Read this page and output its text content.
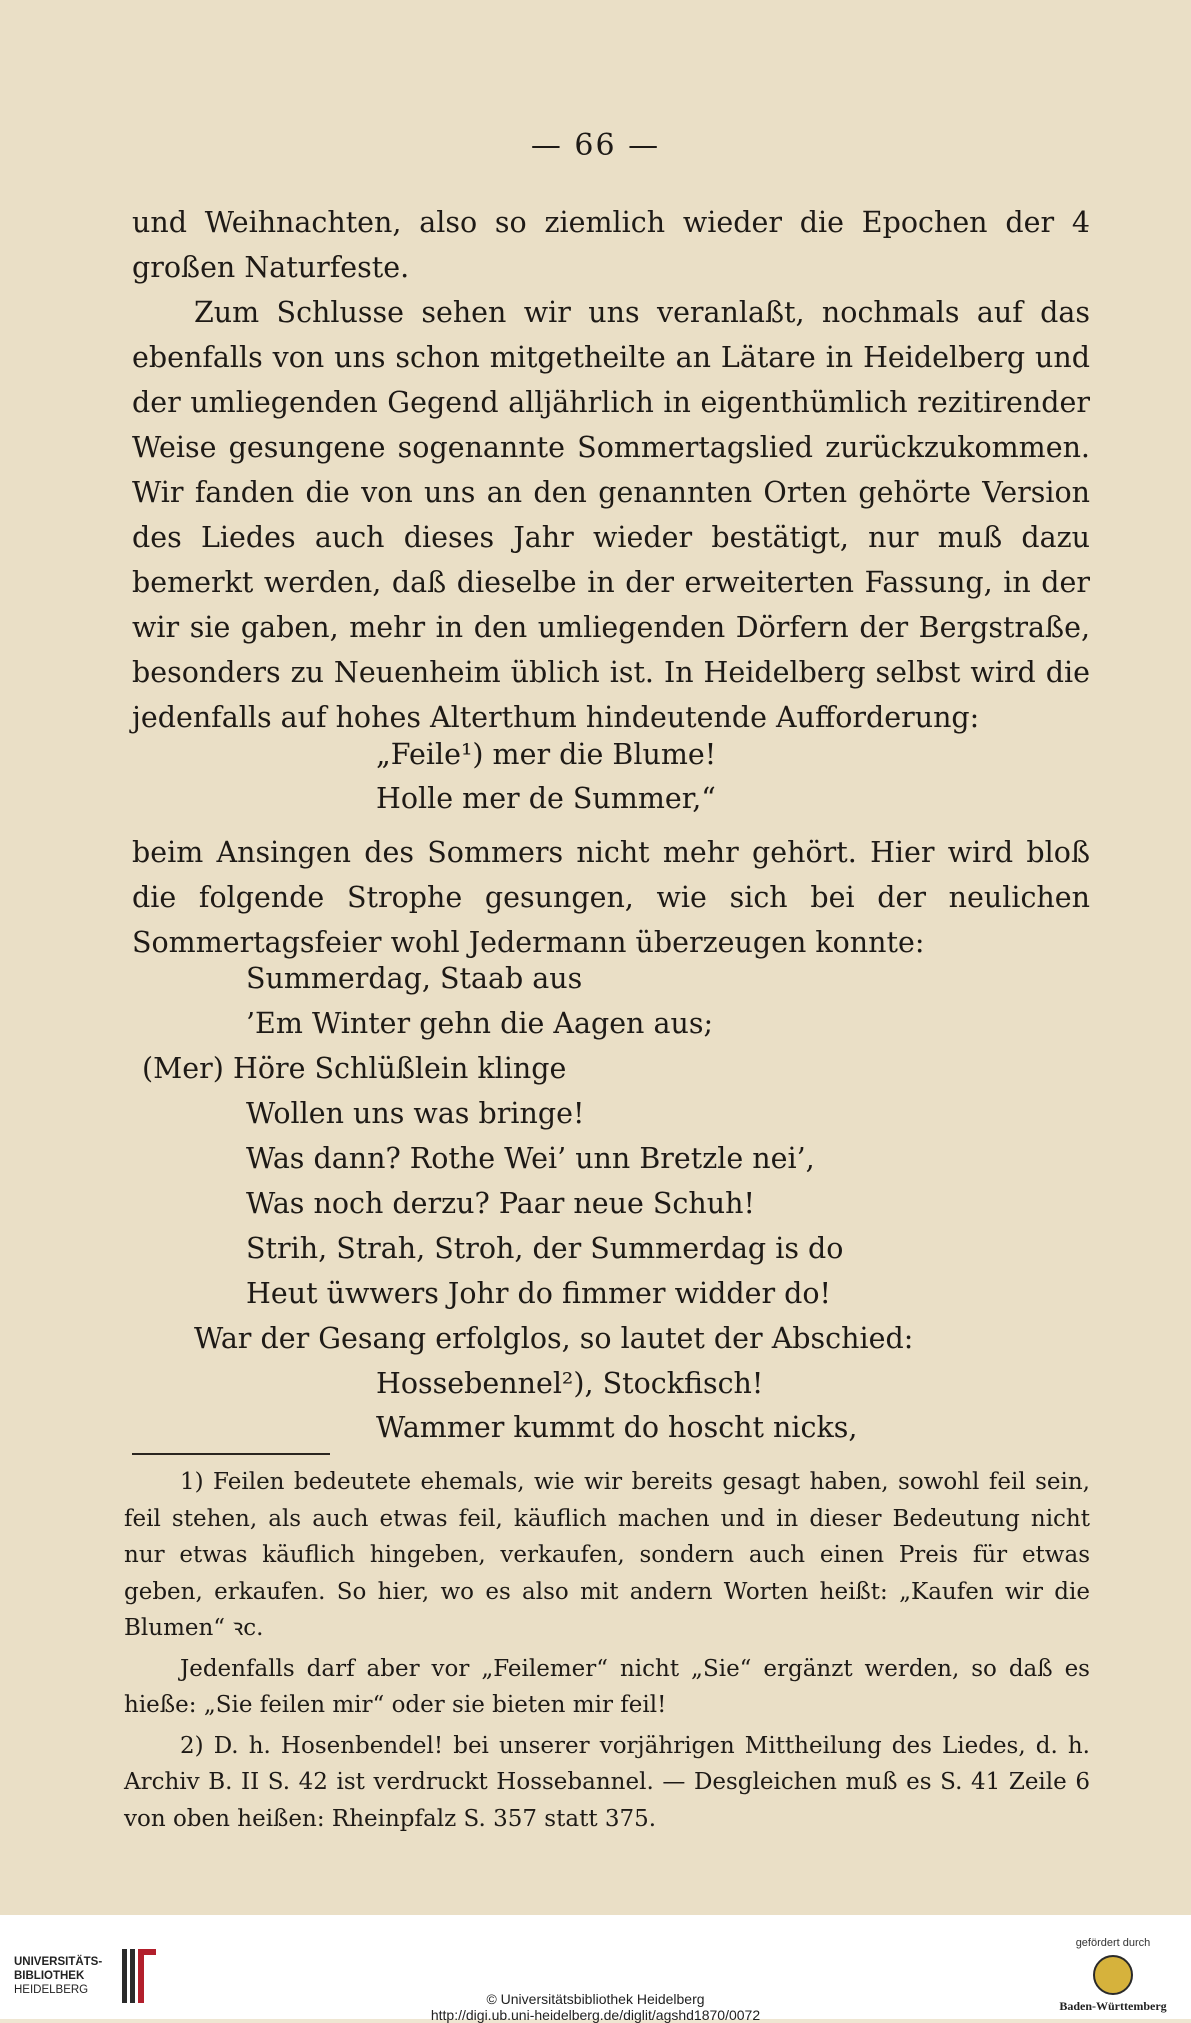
— 66 —

und Weihnachten, also so ziemlich wieder die Epochen der 4 großen Naturfeste.

Zum Schlusse sehen wir uns veranlaßt, nochmals auf das ebenfalls von uns schon mitgetheilte an Lätare in Heidelberg und der umliegenden Gegend alljährlich in eigenthümlich rezitirender Weise gesungene sogenannte Sommertagslied zurückzukommen. Wir fanden die von uns an den genannten Orten gehörte Version des Liedes auch dieses Jahr wieder bestätigt, nur muß dazu bemerkt werden, daß dieselbe in der erweiterten Fassung, in der wir sie gaben, mehr in den umliegenden Dörfern der Bergstraße, besonders zu Neuenheim üblich ist. In Heidelberg selbst wird die jedenfalls auf hohes Alterthum hindeutende Aufforderung:

„Feile¹) mer die Blume!
Holle mer de Summer,“

beim Ansingen des Sommers nicht mehr gehört. Hier wird bloß die folgende Strophe gesungen, wie sich bei der neulichen Sommertagsfeier wohl Jedermann überzeugen konnte:

Summerdag, Staab aus
’Em Winter gehn die Aagen aus;
(Mer) Höre Schlüßlein klinge
Wollen uns was bringe!
Was dann? Rothe Wei’ unn Bretzle nei’,
Was noch derzu? Paar neue Schuh!
Strih, Strah, Stroh, der Summerdag is do
Heut üwwers Johr do fimmer widder do!
War der Gesang erfolglos, so lautet der Abschied:
Hossebennel²), Stockfisch!
Wammer kummt do hoscht nicks,

1) Feilen bedeutete ehemals, wie wir bereits gesagt haben, sowohl feil sein, feil stehen, als auch etwas feil, käuflich machen und in dieser Bedeutung nicht nur etwas käuflich hingeben, verkaufen, sondern auch einen Preis für etwas geben, erkaufen. So hier, wo es also mit andern Worten heißt: „Kaufen wir die Blumen“ ꝛc.

Jedenfalls darf aber vor „Feilemer“ nicht „Sie“ ergänzt werden, so daß es hieße: „Sie feilen mir“ oder sie bieten mir feil!

2) D. h. Hosenbendel! bei unserer vorjährigen Mittheilung des Liedes, d. h. Archiv B. II S. 42 ist verdruckt Hossebannel. — Desgleichen muß es S. 41 Zeile 6 von oben heißen: Rheinpfalz S. 357 statt 375.

UNIVERSITÄTS-
BIBLIOTHEK
HEIDELBERG
© Universitätsbibliothek Heidelberg
http://digi.ub.uni-heidelberg.de/diglit/agshd1870/0072
gefördert durch
Baden-Württemberg
